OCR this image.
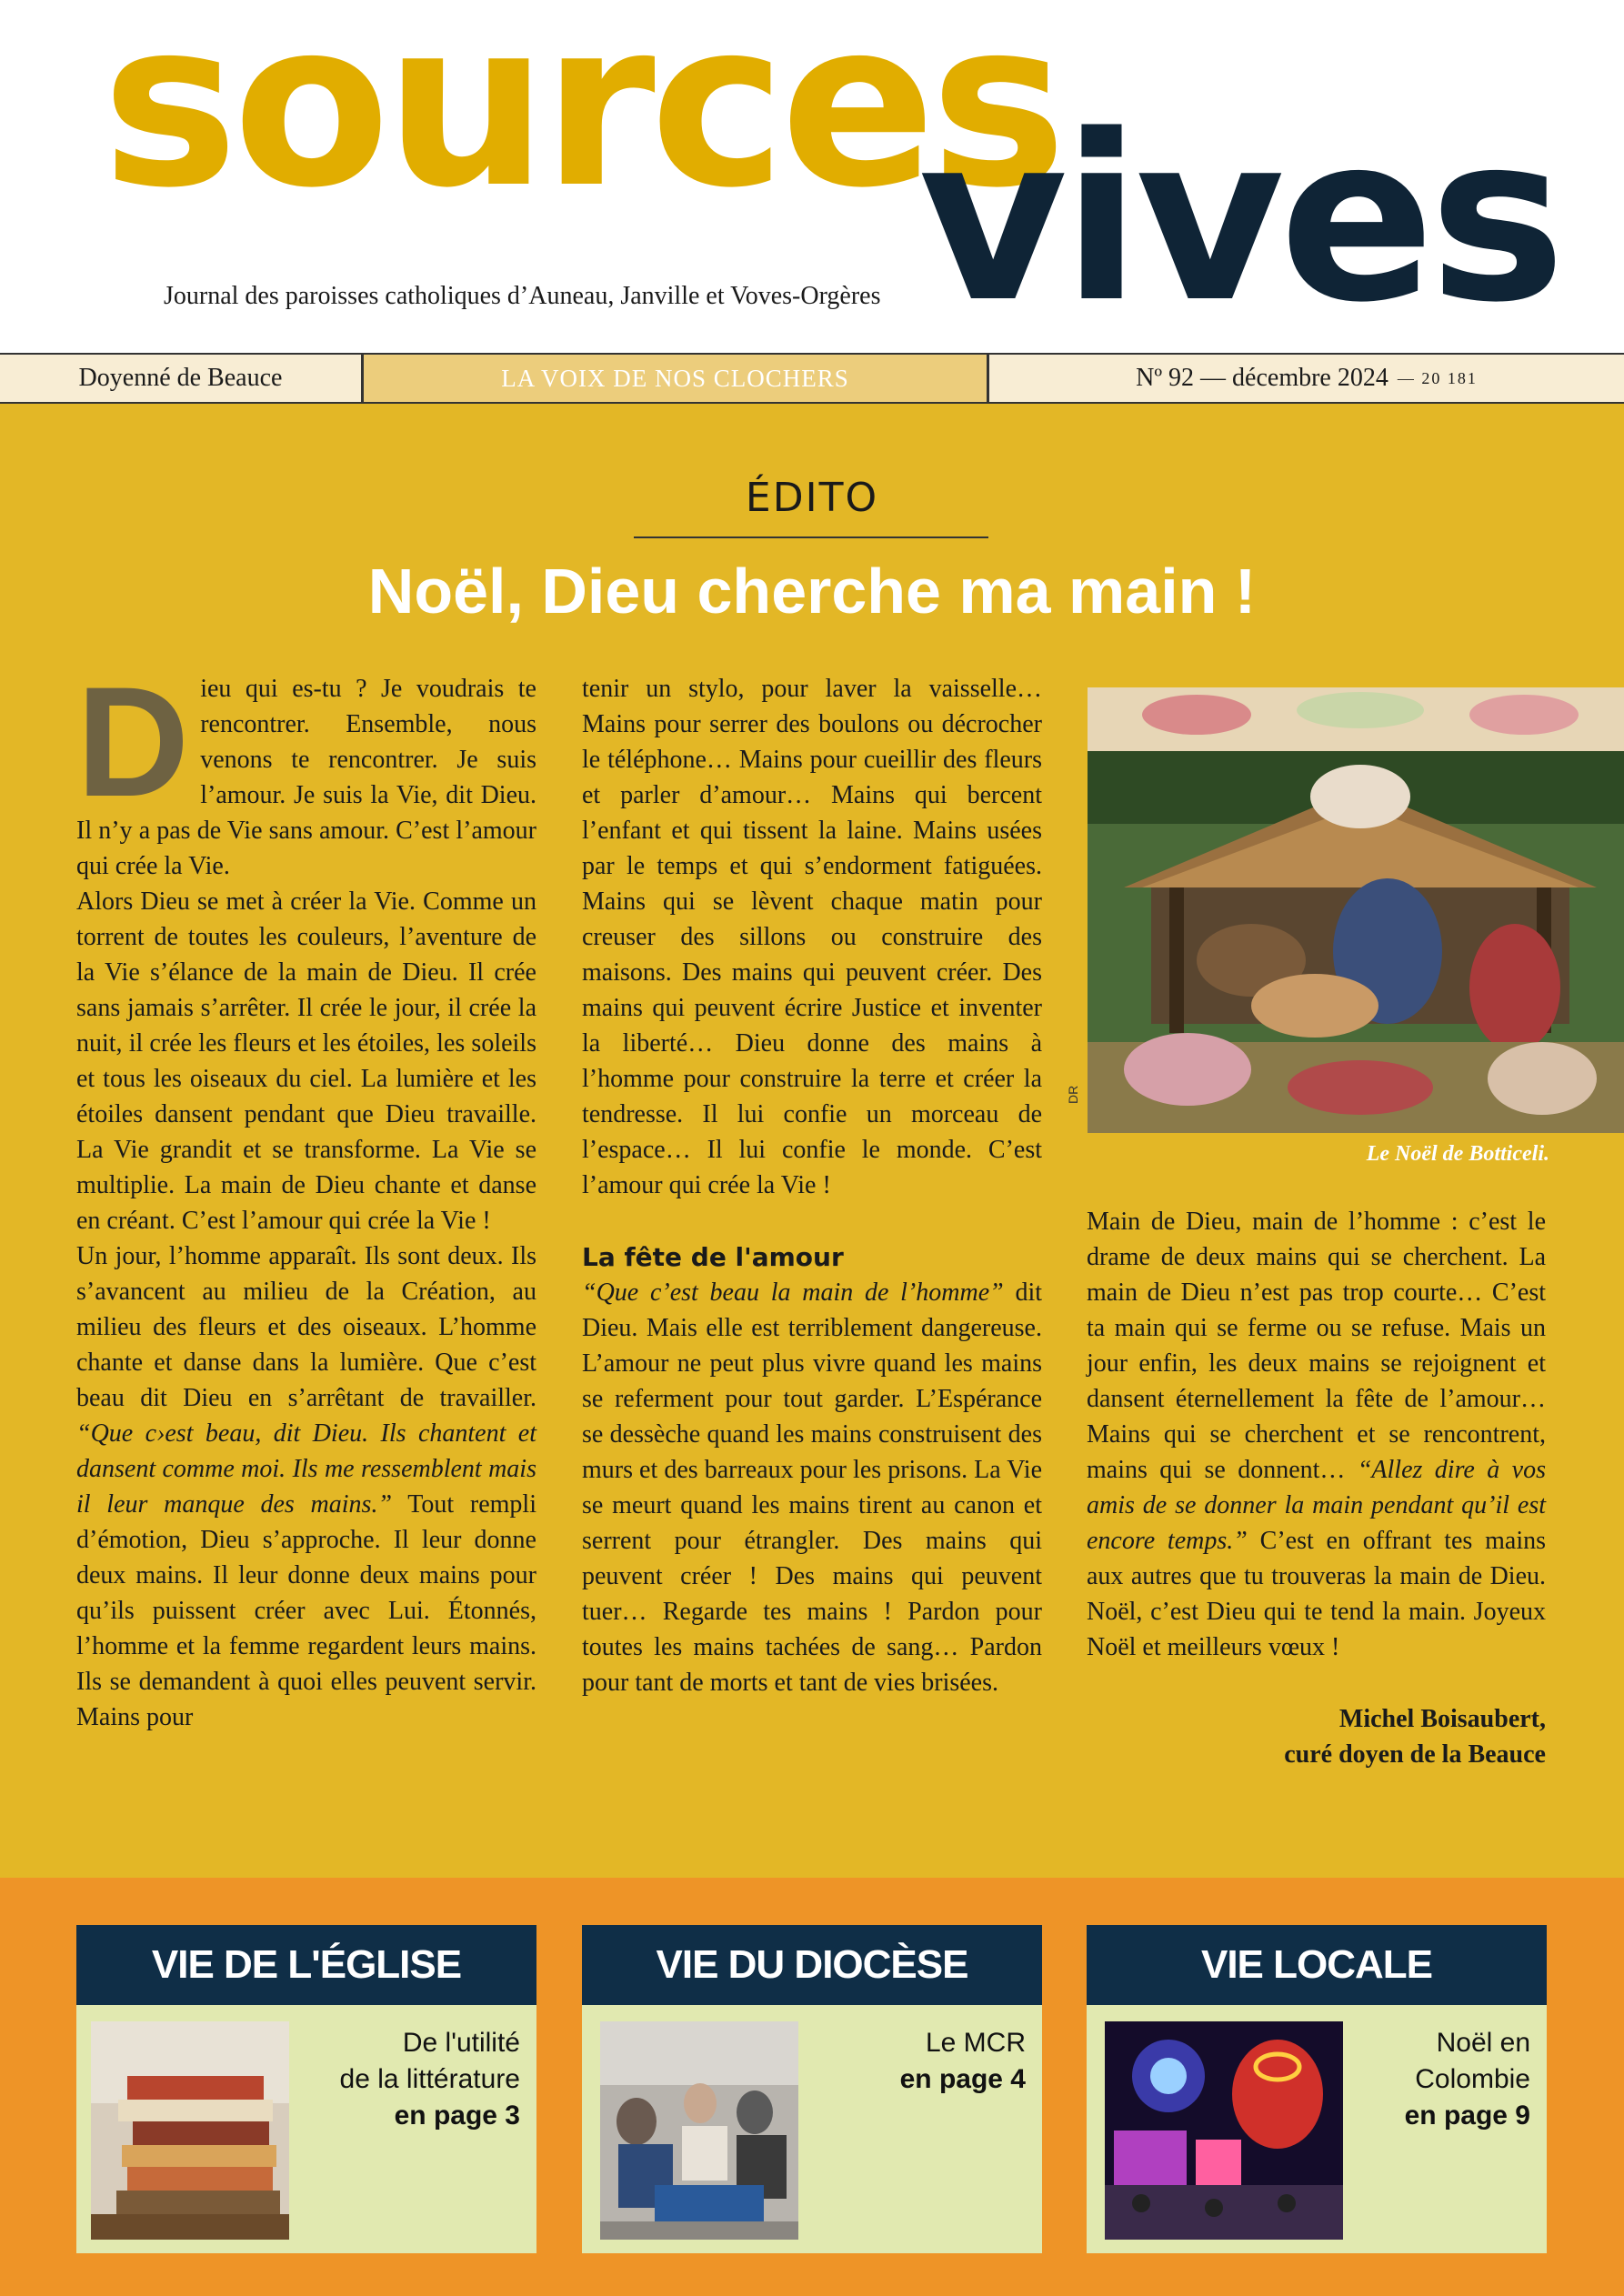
sources
vives
Journal des paroisses catholiques d’Auneau, Janville et Voves-Orgères
Doyenné de Beauce	LA VOIX DE NOS CLOCHERS	Nº 92 — décembre 2024 — 20 181
ÉDITO
Noël, Dieu cherche ma main !
D ieu qui es-tu ? Je voudrais te rencontrer. Ensemble, nous venons te rencontrer. Je suis l’amour. Je suis la Vie, dit Dieu. Il n’y a pas de Vie sans amour. C’est l’amour qui crée la Vie.

Alors Dieu se met à créer la Vie. Comme un torrent de toutes les couleurs, l’aventure de la Vie s’élance de la main de Dieu. Il crée sans jamais s’arrêter. Il crée le jour, il crée la nuit, il crée les fleurs et les étoiles, les soleils et tous les oiseaux du ciel. La lumière et les étoiles dansent pendant que Dieu travaille. La Vie grandit et se transforme. La Vie se multiplie. La main de Dieu chante et danse en créant. C’est l’amour qui crée la Vie !

Un jour, l’homme apparaît. Ils sont deux. Ils s’avancent au milieu de la Création, au milieu des fleurs et des oiseaux. L’homme chante et danse dans la lumière. Que c’est beau dit Dieu en s’arrêtant de travailler. “Que c›est beau, dit Dieu. Ils chantent et dansent comme moi. Ils me ressemblent mais il leur manque des mains.” Tout rempli d’émotion, Dieu s’approche. Il leur donne deux mains. Il leur donne deux mains pour qu’ils puissent créer avec Lui. Étonnés, l’homme et la femme regardent leurs mains. Ils se demandent à quoi elles peuvent servir. Mains pour

tenir un stylo, pour laver la vaisselle… Mains pour serrer des boulons ou décrocher le téléphone… Mains pour cueillir des fleurs et parler d’amour… Mains qui bercent l’enfant et qui tissent la laine. Mains usées par le temps et qui s’endorment fatiguées. Mains qui se lèvent chaque matin pour creuser des sillons ou construire des maisons. Des mains qui peuvent créer. Des mains qui peuvent écrire Justice et inventer la liberté… Dieu donne des mains à l’homme pour construire la terre et créer la tendresse. Il lui confie un morceau de l’espace… Il lui confie le monde. C’est l’amour qui crée la Vie !

La fête de l'amour

“Que c’est beau la main de l’homme” dit Dieu. Mais elle est terriblement dangereuse. L’amour ne peut plus vivre quand les mains se referment pour tout garder. L’Espérance se dessèche quand les mains construisent des murs et des barreaux pour les prisons. La Vie se meurt quand les mains tirent au canon et serrent pour étrangler. Des mains qui peuvent créer ! Des mains qui peuvent tuer… Regarde tes mains ! Pardon pour toutes les mains tachées de sang… Pardon pour tant de morts et tant de vies brisées.

DR
Le Noël de Botticeli.

Main de Dieu, main de l’homme : c’est le drame de deux mains qui se cherchent. La main de Dieu n’est pas trop courte… C’est ta main qui se ferme ou se refuse. Mais un jour enfin, les deux mains se rejoignent et dansent éternellement la fête de l’amour… Mains qui se cherchent et se rencontrent, mains qui se donnent… “Allez dire à vos amis de se donner la main pendant qu’il est encore temps.” C’est en offrant tes mains aux autres que tu trouveras la main de Dieu. Noël, c’est Dieu qui te tend la main. Joyeux Noël et meilleurs vœux !

Michel Boisaubert,
curé doyen de la Beauce
VIE DE L'ÉGLISE
De l'utilité
de la littérature
en page 3
VIE DU DIOCÈSE
Le MCR
en page 4
VIE LOCALE
Noël en
Colombie
en page 9
